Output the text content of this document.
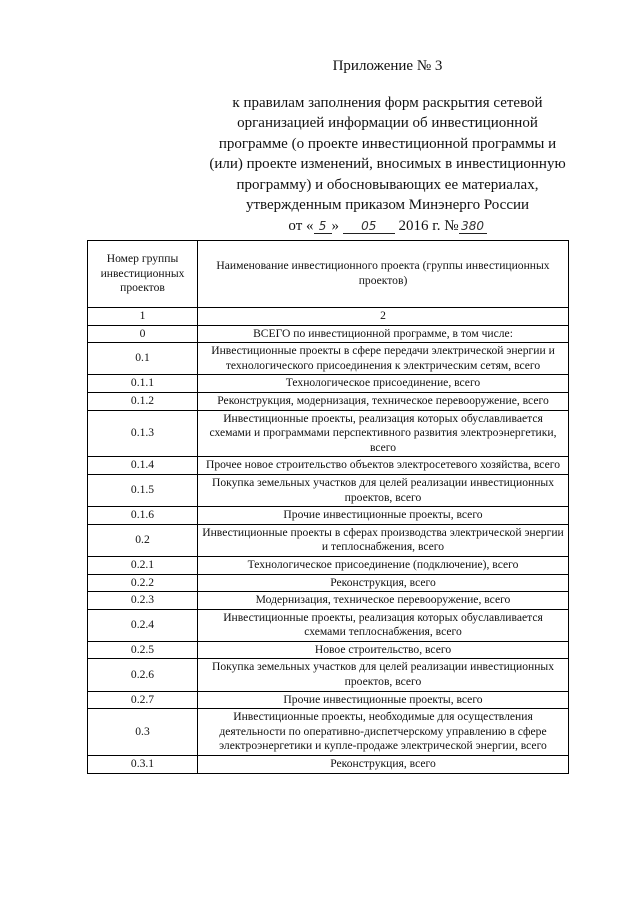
Приложение № 3
к правилам заполнения форм раскрытия сетевой
организацией информации об инвестиционной
программе (о проекте инвестиционной программы и
(или) проекте изменений, вносимых в инвестиционную
программу) и обосновывающих ее материалах,
утвержденным приказом Минэнерго России
от « 5 » 05 2016 г. № 380
Номер группы инвестиционных проектов	Наименование инвестиционного проекта (группы инвестиционных проектов)
1	2
0	ВСЕГО по инвестиционной программе, в том числе:
0.1	Инвестиционные проекты в сфере передачи электрической энергии и технологического присоединения к электрическим сетям, всего
0.1.1	Технологическое присоединение, всего
0.1.2	Реконструкция, модернизация, техническое перевооружение, всего
0.1.3	Инвестиционные проекты, реализация которых обуславливается схемами и программами перспективного развития электроэнергетики, всего
0.1.4	Прочее новое строительство объектов электросетевого хозяйства, всего
0.1.5	Покупка земельных участков для целей реализации инвестиционных проектов, всего
0.1.6	Прочие инвестиционные проекты, всего
0.2	Инвестиционные проекты в сферах производства электрической энергии и теплоснабжения, всего
0.2.1	Технологическое присоединение (подключение), всего
0.2.2	Реконструкция, всего
0.2.3	Модернизация, техническое перевооружение, всего
0.2.4	Инвестиционные проекты, реализация которых обуславливается схемами теплоснабжения, всего
0.2.5	Новое строительство, всего
0.2.6	Покупка земельных участков для целей реализации инвестиционных проектов, всего
0.2.7	Прочие инвестиционные проекты, всего
0.3	Инвестиционные проекты, необходимые для осуществления деятельности по оперативно-диспетчерскому управлению в сфере электроэнергетики и купле-продаже электрической энергии, всего
0.3.1	Реконструкция, всего
